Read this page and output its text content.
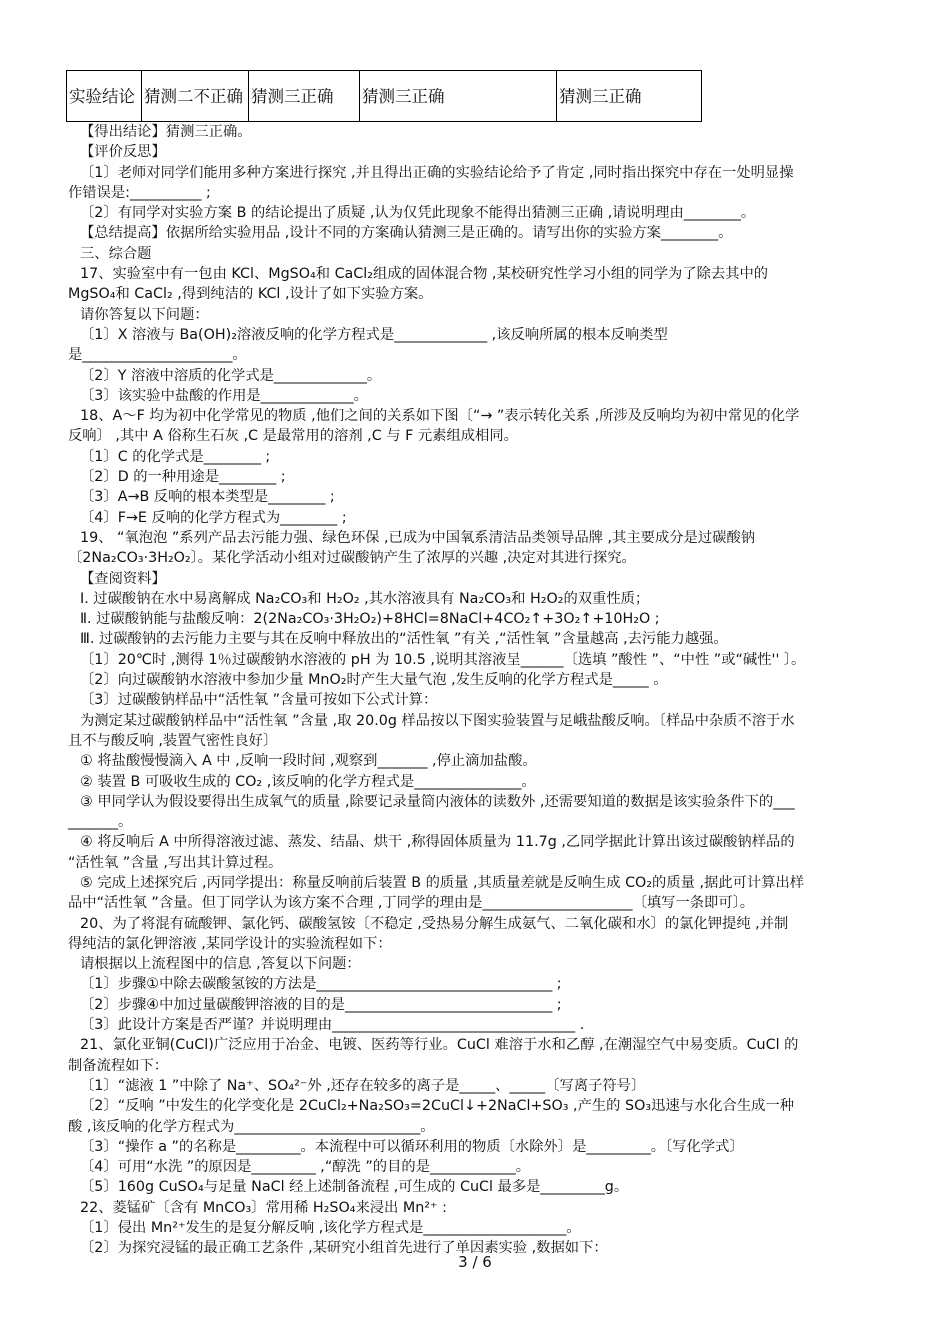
实验结论	猜测二不正确	猜测三正确	猜测三正确	猜测三正确
【得出结论】猜测三正确。
【评价反思】
〔1〕老师对同学们能用多种方案进行探究 ,并且得出正确的实验结论给予了肯定 ,同时指出探究中存在一处明显操
作错误是:__________ ;
〔2〕有同学对实验方案 B 的结论提出了质疑 ,认为仅凭此现象不能得出猜测三正确 ,请说明理由________。
【总结提高】依据所给实验用品 ,设计不同的方案确认猜测三是正确的。请写出你的实验方案________。
三、综合题
17、实验室中有一包由 KCl、MgSO₄和 CaCl₂组成的固体混合物 ,某校研究性学习小组的同学为了除去其中的
MgSO₄和 CaCl₂ ,得到纯洁的 KCl ,设计了如下实验方案。
请你答复以下问题：
〔1〕X 溶液与 Ba(OH)₂溶液反响的化学方程式是_____________ ,该反响所属的根本反响类型
是_____________________。
〔2〕Y 溶液中溶质的化学式是_____________。
〔3〕该实验中盐酸的作用是_____________。
18、A～F 均为初中化学常见的物质 ,他们之间的关系如下图〔“→ ”表示转化关系 ,所涉及反响均为初中常见的化学
反响〕 ,其中 A 俗称生石灰 ,C 是最常用的溶剂 ,C 与 F 元素组成相同。
〔1〕C 的化学式是________ ;
〔2〕D 的一种用途是________ ;
〔3〕A→B 反响的根本类型是________ ;
〔4〕F→E 反响的化学方程式为________ ;
19、 “氧泡泡 ”系列产品去污能力强、绿色环保 ,已成为中国氧系清洁品类领导品牌 ,其主要成分是过碳酸钠
〔2Na₂CO₃·3H₂O₂〕。某化学活动小组对过碳酸钠产生了浓厚的兴趣 ,决定对其进行探究。
【查阅资料】
Ⅰ. 过碳酸钠在水中易离解成 Na₂CO₃和 H₂O₂ ,其水溶液具有 Na₂CO₃和 H₂O₂的双重性质；
Ⅱ. 过碳酸钠能与盐酸反响：2(2Na₂CO₃·3H₂O₂)+8HCl=8NaCl+4CO₂↑+3O₂↑+10H₂O ;
Ⅲ. 过碳酸钠的去污能力主要与其在反响中释放出的“活性氧 ”有关 ,“活性氧 ”含量越高 ,去污能力越强。
〔1〕20℃时 ,测得 1％过碳酸钠水溶液的 pH 为 10.5 ,说明其溶液呈______〔选填 ”酸性 ”、“中性 ”或“碱性'' 〕。
〔2〕向过碳酸钠水溶液中参加少量 MnO₂时产生大量气泡 ,发生反响的化学方程式是_____ 。
〔3〕过碳酸钠样品中“活性氧 ”含量可按如下公式计算：
为测定某过碳酸钠样品中“活性氧 ”含量 ,取 20.0g 样品按以下图实验装置与足峨盐酸反响。〔样品中杂质不溶于水
且不与酸反响 ,装置气密性良好〕
① 将盐酸慢慢滴入 A 中 ,反响一段时间 ,观察到_______ ,停止滴加盐酸。
② 装置 B 可吸收生成的 CO₂ ,该反响的化学方程式是_______________。
③ 甲同学认为假设要得出生成氧气的质量 ,除要记录量筒内液体的读数外 ,还需要知道的数据是该实验条件下的___
_______。
④ 将反响后 A 中所得溶液过滤、蒸发、结晶、烘干 ,称得固体质量为 11.7g ,乙同学据此计算出该过碳酸钠样品的
“活性氧 ”含量 ,写出其计算过程。
⑤ 完成上述探究后 ,丙同学提出：称量反响前后装置 B 的质量 ,其质量差就是反响生成 CO₂的质量 ,据此可计算出样
品中“活性氧 ”含量。但丁同学认为该方案不合理 ,丁同学的理由是_____________________〔填写一条即可〕。
20、为了将混有硫酸钾、氯化钙、碳酸氢铵〔不稳定 ,受热易分解生成氨气、二氧化碳和水〕的氯化钾提纯 ,并制
得纯洁的氯化钾溶液 ,某同学设计的实验流程如下：
请根据以上流程图中的信息 ,答复以下问题：
〔1〕步骤①中除去碳酸氢铵的方法是_________________________________ ;
〔2〕步骤④中加过量碳酸钾溶液的目的是_____________________________ ;
〔3〕此设计方案是否严谨？并说明理由__________________________________ .
21、氯化亚铜(CuCl)广泛应用于冶金、电镀、医药等行业。CuCl 难溶于水和乙醇 ,在潮湿空气中易变质。CuCl 的
制备流程如下：
〔1〕“滤液 1 ”中除了 Na⁺、SO₄²⁻外 ,还存在较多的离子是_____、_____〔写离子符号〕
〔2〕“反响 ”中发生的化学变化是 2CuCl₂+Na₂SO₃=2CuCl↓+2NaCl+SO₃ ,产生的 SO₃迅速与水化合生成一种
酸 ,该反响的化学方程式为__________________________。
〔3〕“操作 a ”的名称是_________。本流程中可以循环利用的物质〔水除外〕是_________。〔写化学式〕
〔4〕可用“水洗 ”的原因是_________ ,“醇洗 ”的目的是____________。
〔5〕160g CuSO₄与足量 NaCl 经上述制备流程 ,可生成的 CuCl 最多是_________g。
22、菱锰矿〔含有 MnCO₃〕常用稀 H₂SO₄来浸出 Mn²⁺ :
〔1〕侵出 Mn²⁺发生的是复分解反响 ,该化学方程式是____________________。
〔2〕为探究浸锰的最正确工艺条件 ,某研究小组首先进行了单因素实验 ,数据如下：
3 / 6
